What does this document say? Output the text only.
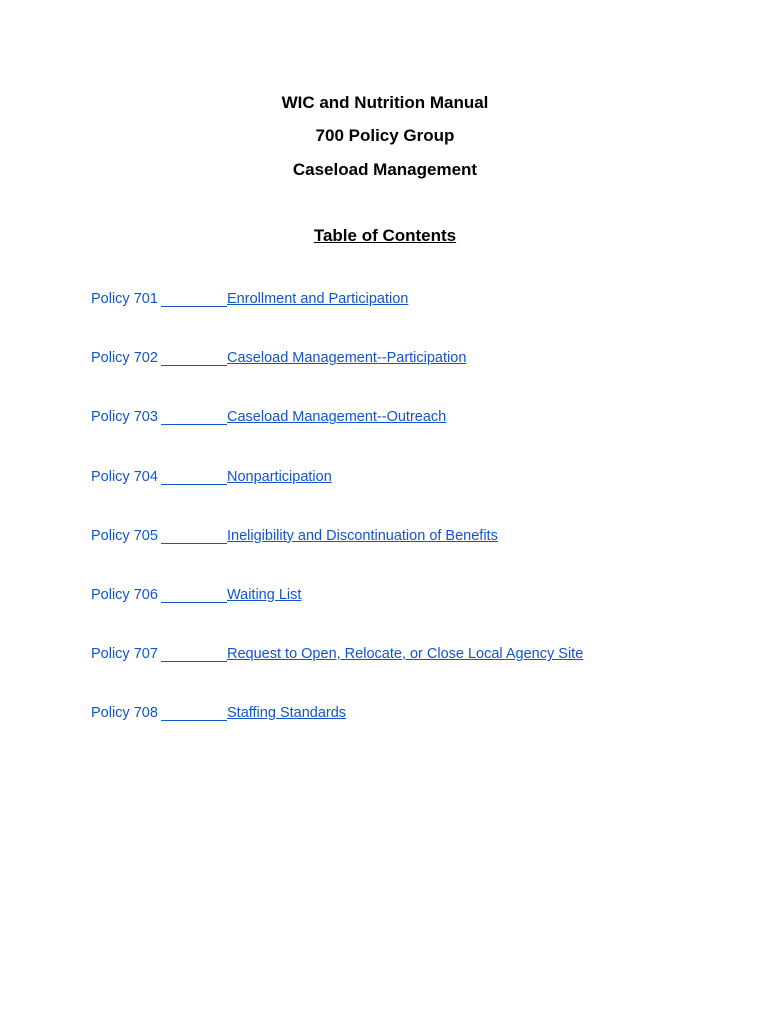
WIC and Nutrition Manual
700 Policy Group
Caseload Management
Table of Contents
Policy 701	Enrollment and Participation
Policy 702	Caseload Management--Participation
Policy 703	Caseload Management--Outreach
Policy 704	Nonparticipation
Policy 705	Ineligibility and Discontinuation of Benefits
Policy 706	Waiting List
Policy 707	Request to Open, Relocate, or Close Local Agency Site
Policy 708	Staffing Standards
